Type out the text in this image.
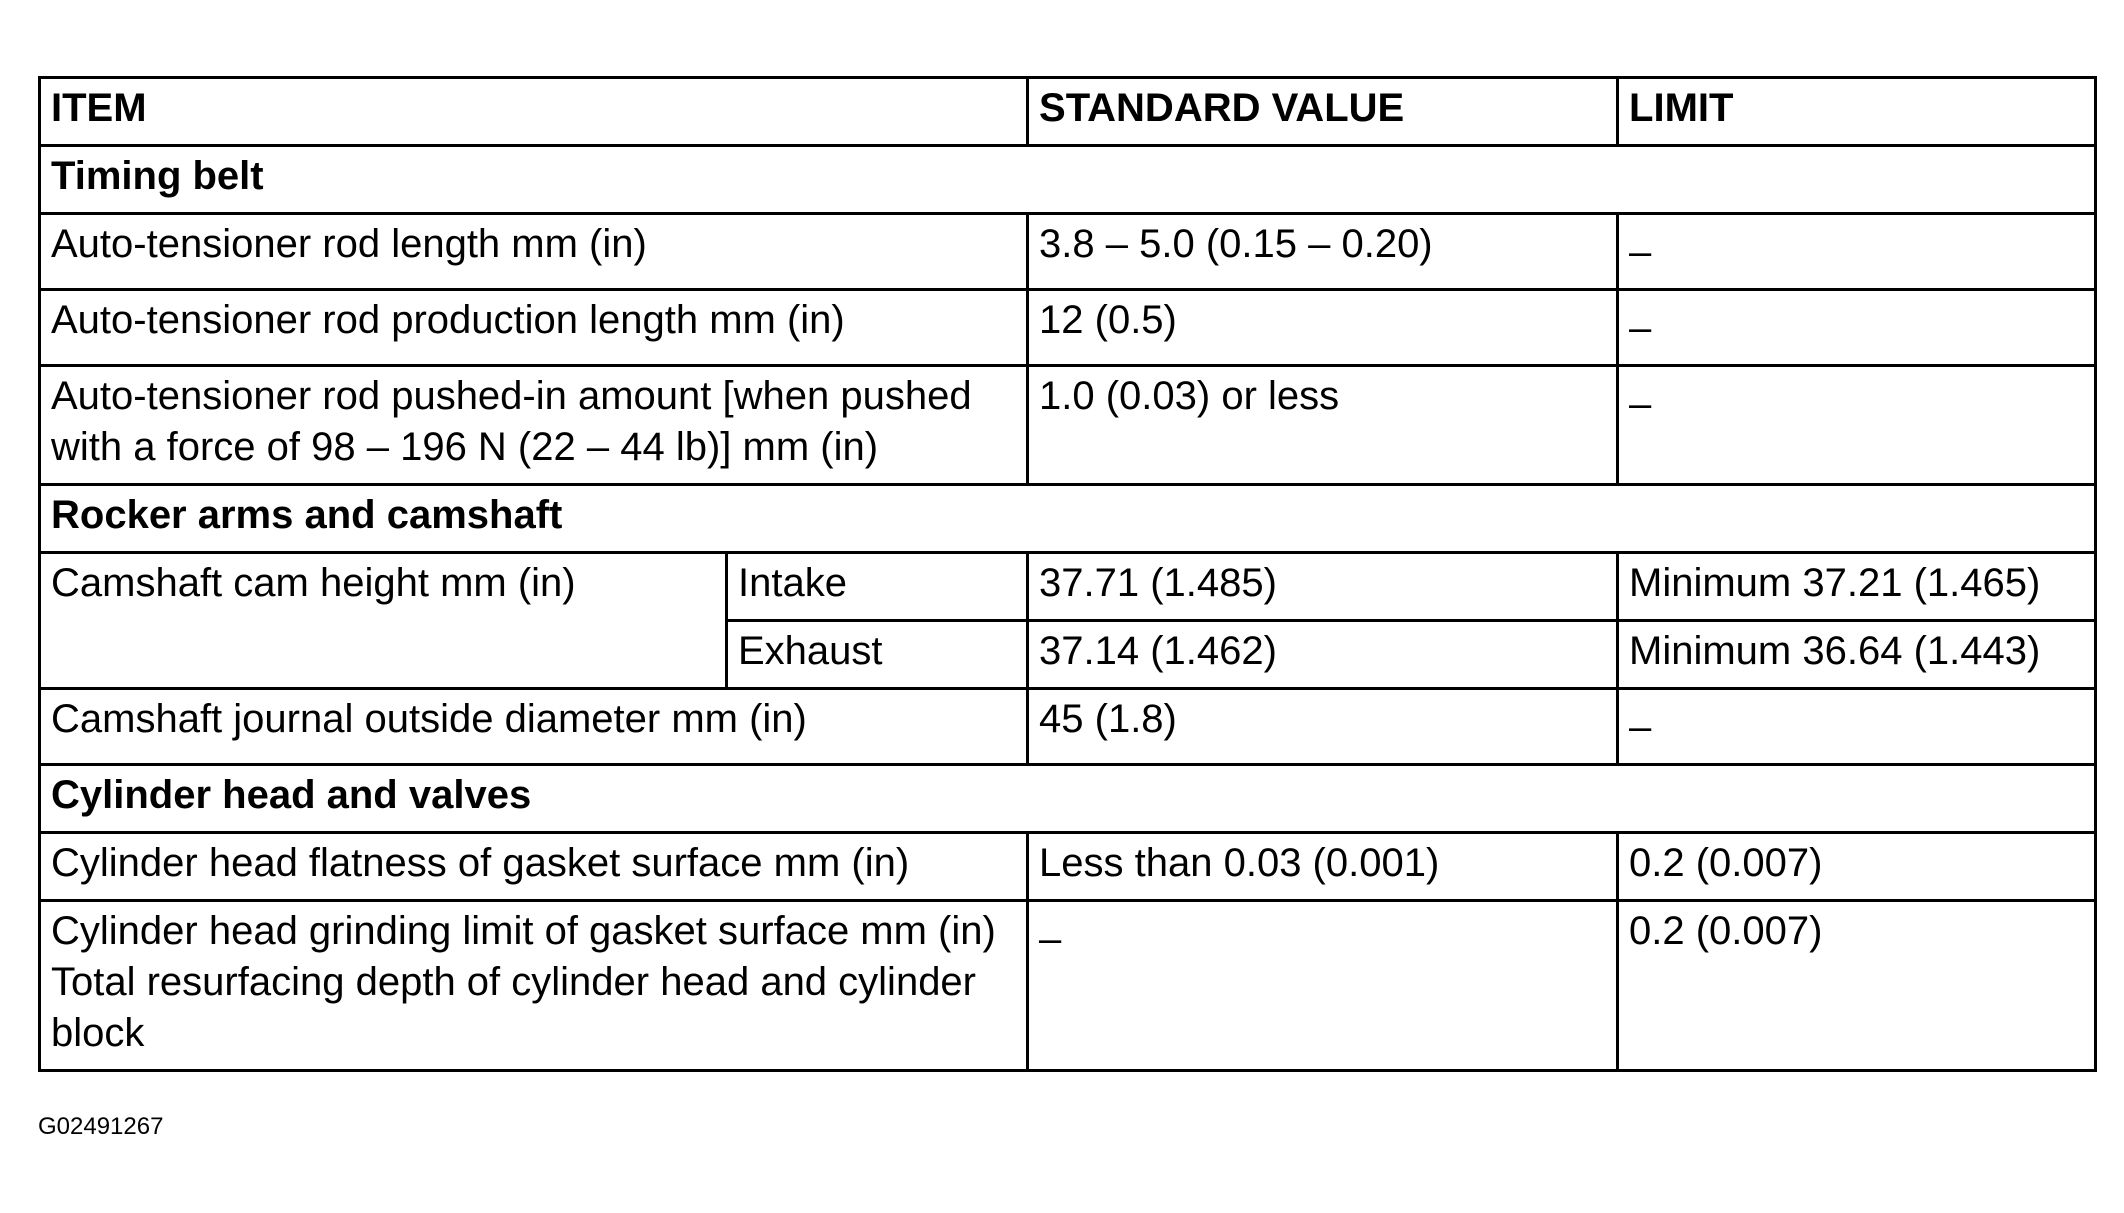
ITEM		STANDARD VALUE	LIMIT
Timing belt			
Auto-tensioner rod length mm (in)		3.8 – 5.0 (0.15 – 0.20)	–
Auto-tensioner rod production length mm (in)		12 (0.5)	–
Auto-tensioner rod pushed-in amount [when pushed with a force of 98 – 196 N (22 – 44 lb)] mm (in)		1.0 (0.03) or less	–
Rocker arms and camshaft			
Camshaft cam height mm (in)	Intake	37.71 (1.485)	Minimum 37.21 (1.465)
	Exhaust	37.14 (1.462)	Minimum 36.64 (1.443)
Camshaft journal outside diameter mm (in)		45 (1.8)	–
Cylinder head and valves			
Cylinder head flatness of gasket surface mm (in)		Less than 0.03 (0.001)	0.2 (0.007)
Cylinder head grinding limit of gasket surface mm (in) Total resurfacing depth of cylinder head and cylinder block		–	0.2 (0.007)
G02491267
